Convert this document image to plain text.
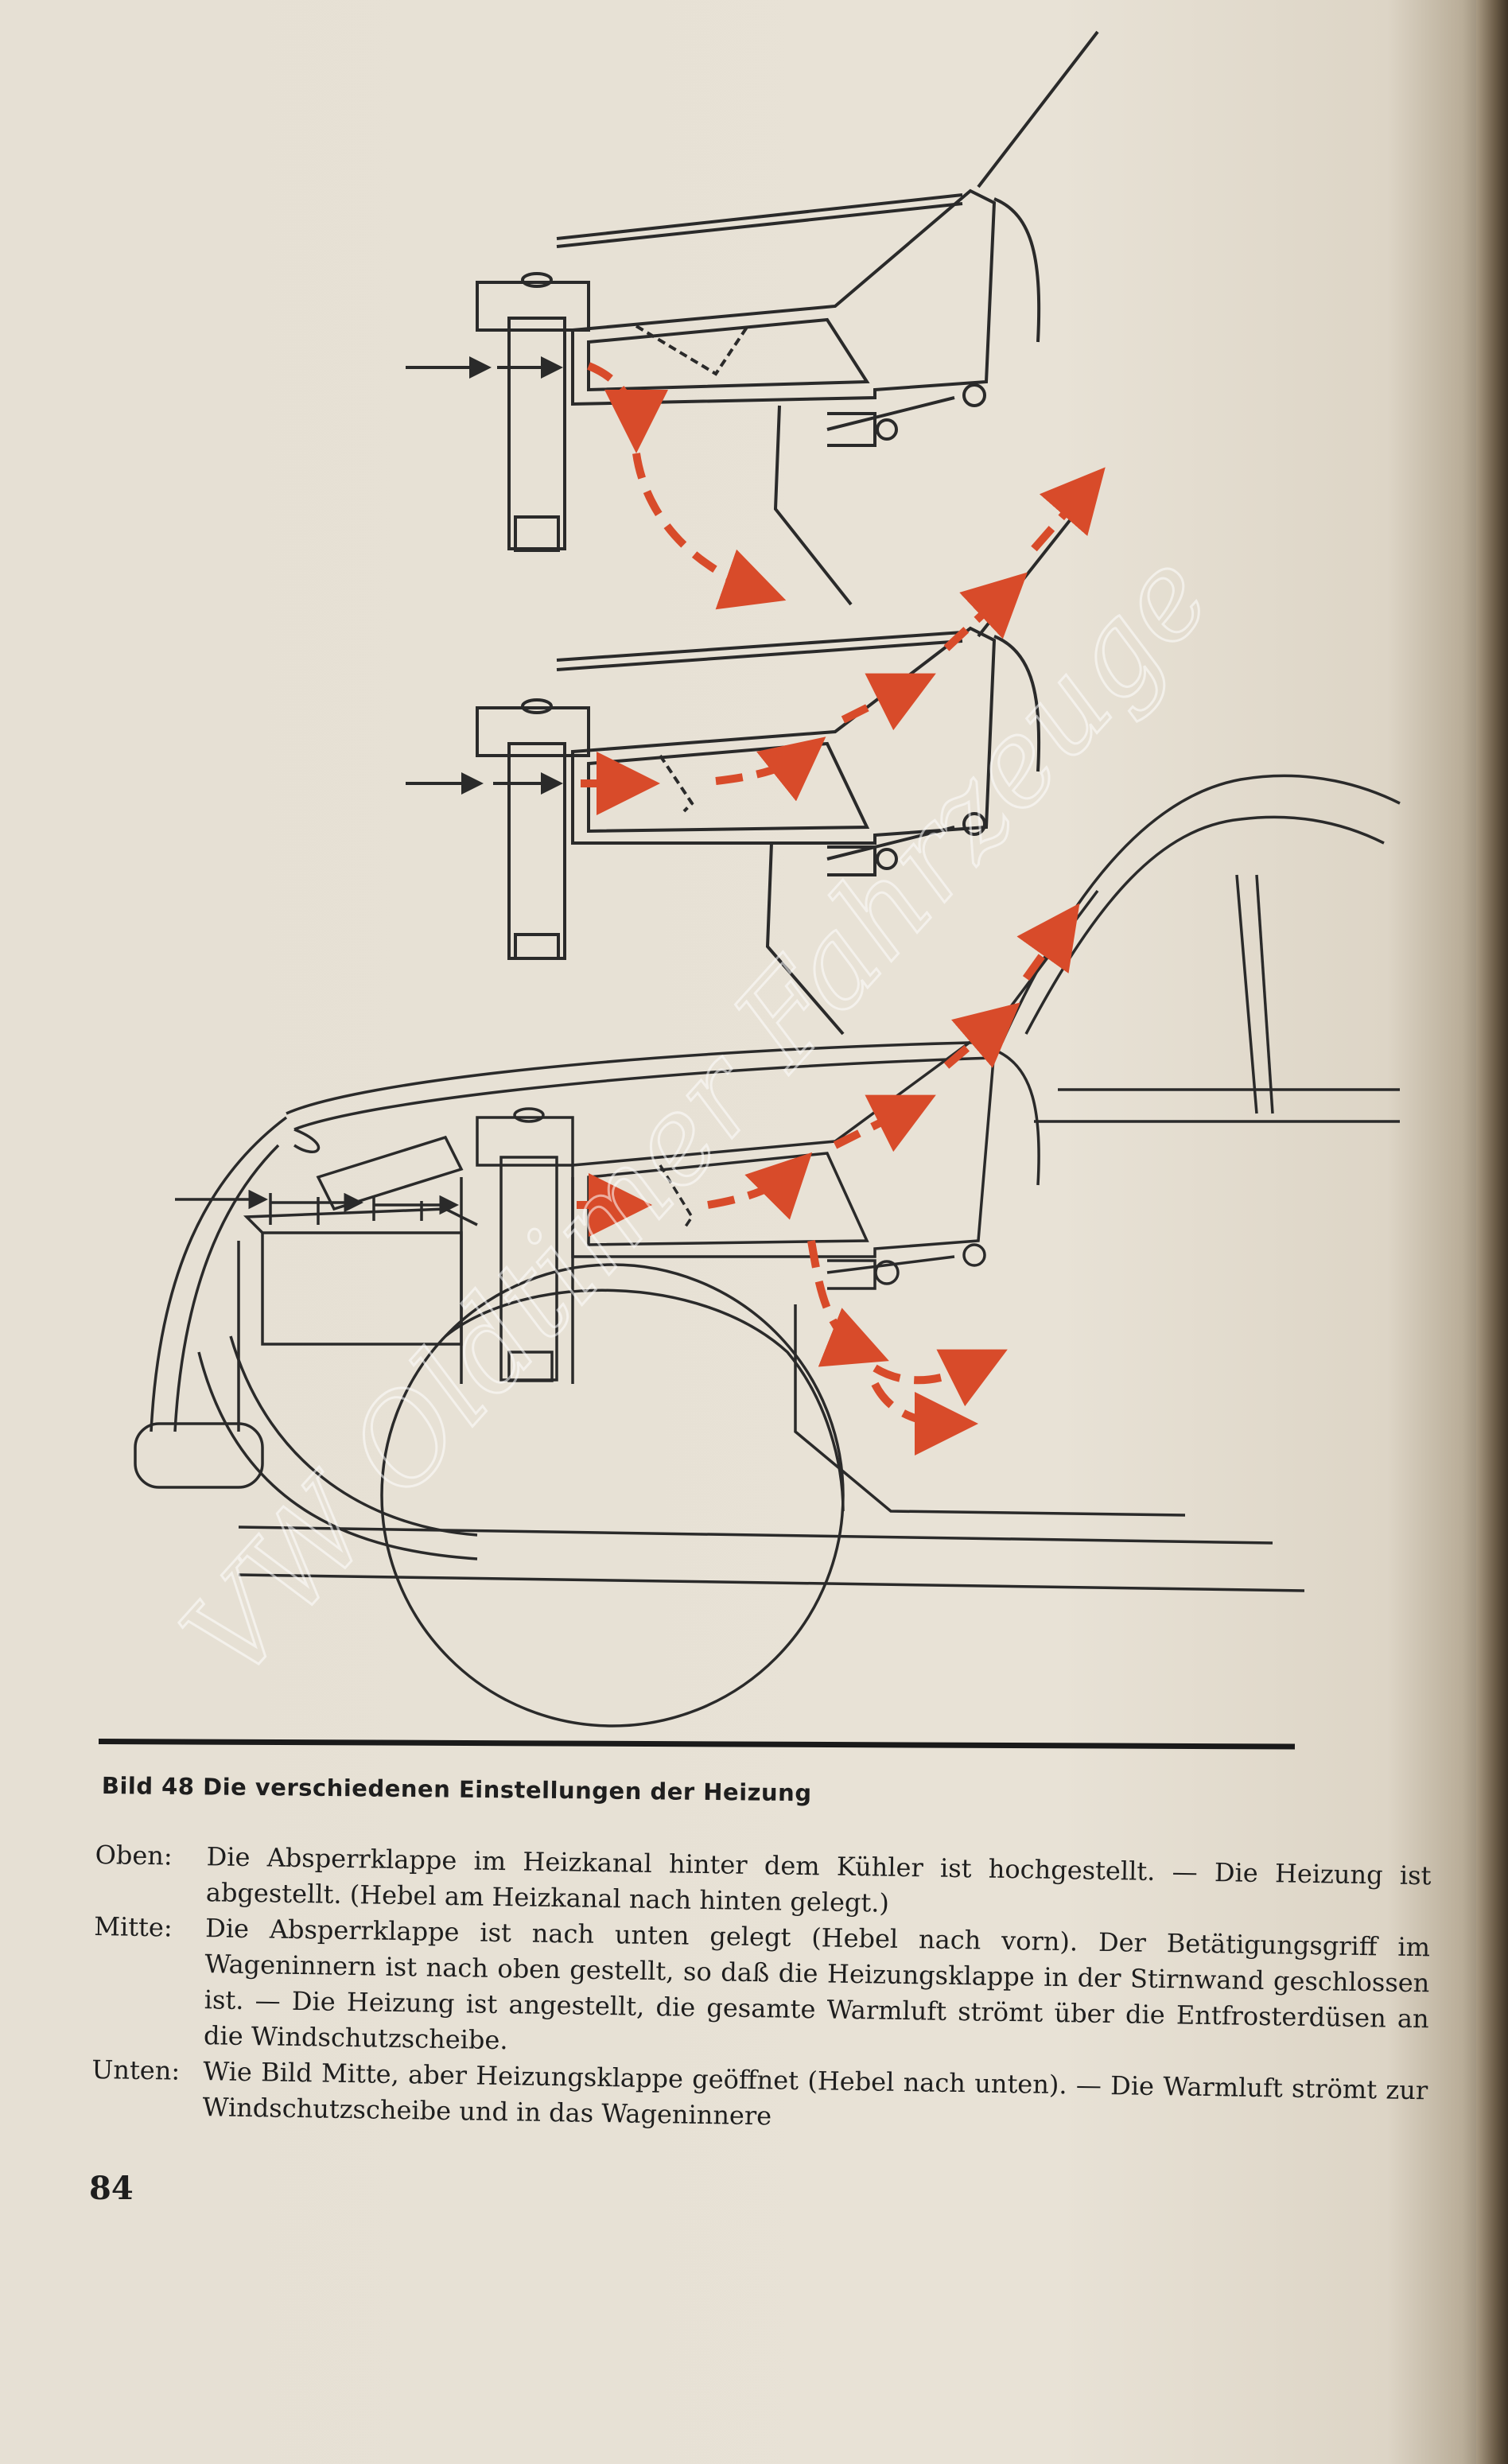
VW Oldtimer Fahrzeuge
Bild 48 Die verschiedenen Einstellungen der Heizung
Oben:	Die Absperrklappe im Heizkanal hinter dem Kühler ist hochgestellt. — Die Heizung ist abgestellt. (Hebel am Heizkanal nach hinten gelegt.)
Mitte:	Die Absperrklappe ist nach unten gelegt (Hebel nach vorn). Der Betätigungsgriff im Wageninnern ist nach oben gestellt, so daß die Heizungsklappe in der Stirnwand geschlossen ist. — Die Heizung ist angestellt, die gesamte Warmluft strömt über die Entfrosterdüsen an die Windschutzscheibe.
Unten: Wie Bild Mitte, aber Heizungsklappe geöffnet (Hebel nach unten). — Die Warmluft strömt zur Windschutzscheibe und in das Wageninnere
84
